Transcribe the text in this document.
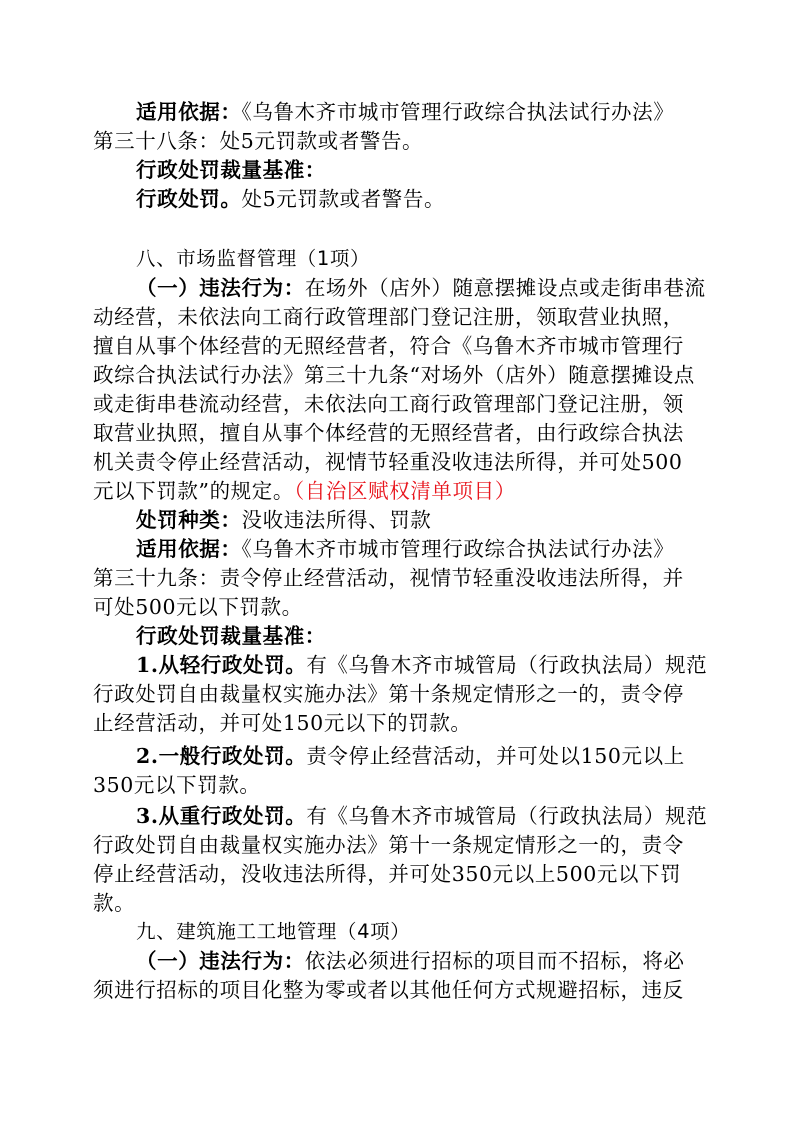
适用依据：《乌鲁木齐市城市管理行政综合执法试行办法》
第三十八条：处5元罚款或者警告。
行政处罚裁量基准：
行政处罚。处5元罚款或者警告。
八、市场监督管理（1项）
（一）违法行为：在场外（店外）随意摆摊设点或走街串巷流
动经营，未依法向工商行政管理部门登记注册，领取营业执照，
擅自从事个体经营的无照经营者，符合《乌鲁木齐市城市管理行
政综合执法试行办法》第三十九条“对场外（店外）随意摆摊设点
或走街串巷流动经营，未依法向工商行政管理部门登记注册，领
取营业执照，擅自从事个体经营的无照经营者，由行政综合执法
机关责令停止经营活动，视情节轻重没收违法所得，并可处500
元以下罚款”的规定。（自治区赋权清单项目）
处罚种类：没收违法所得、罚款
适用依据：《乌鲁木齐市城市管理行政综合执法试行办法》
第三十九条：责令停止经营活动，视情节轻重没收违法所得，并
可处500元以下罚款。
行政处罚裁量基准：
1.从轻行政处罚。有《乌鲁木齐市城管局（行政执法局）规范
行政处罚自由裁量权实施办法》第十条规定情形之一的，责令停
止经营活动，并可处150元以下的罚款。
2.一般行政处罚。责令停止经营活动，并可处以150元以上
350元以下罚款。
3.从重行政处罚。有《乌鲁木齐市城管局（行政执法局）规范
行政处罚自由裁量权实施办法》第十一条规定情形之一的，责令
停止经营活动，没收违法所得，并可处350元以上500元以下罚
款。
九、建筑施工工地管理（4项）
（一）违法行为：依法必须进行招标的项目而不招标，将必
须进行招标的项目化整为零或者以其他任何方式规避招标，违反
